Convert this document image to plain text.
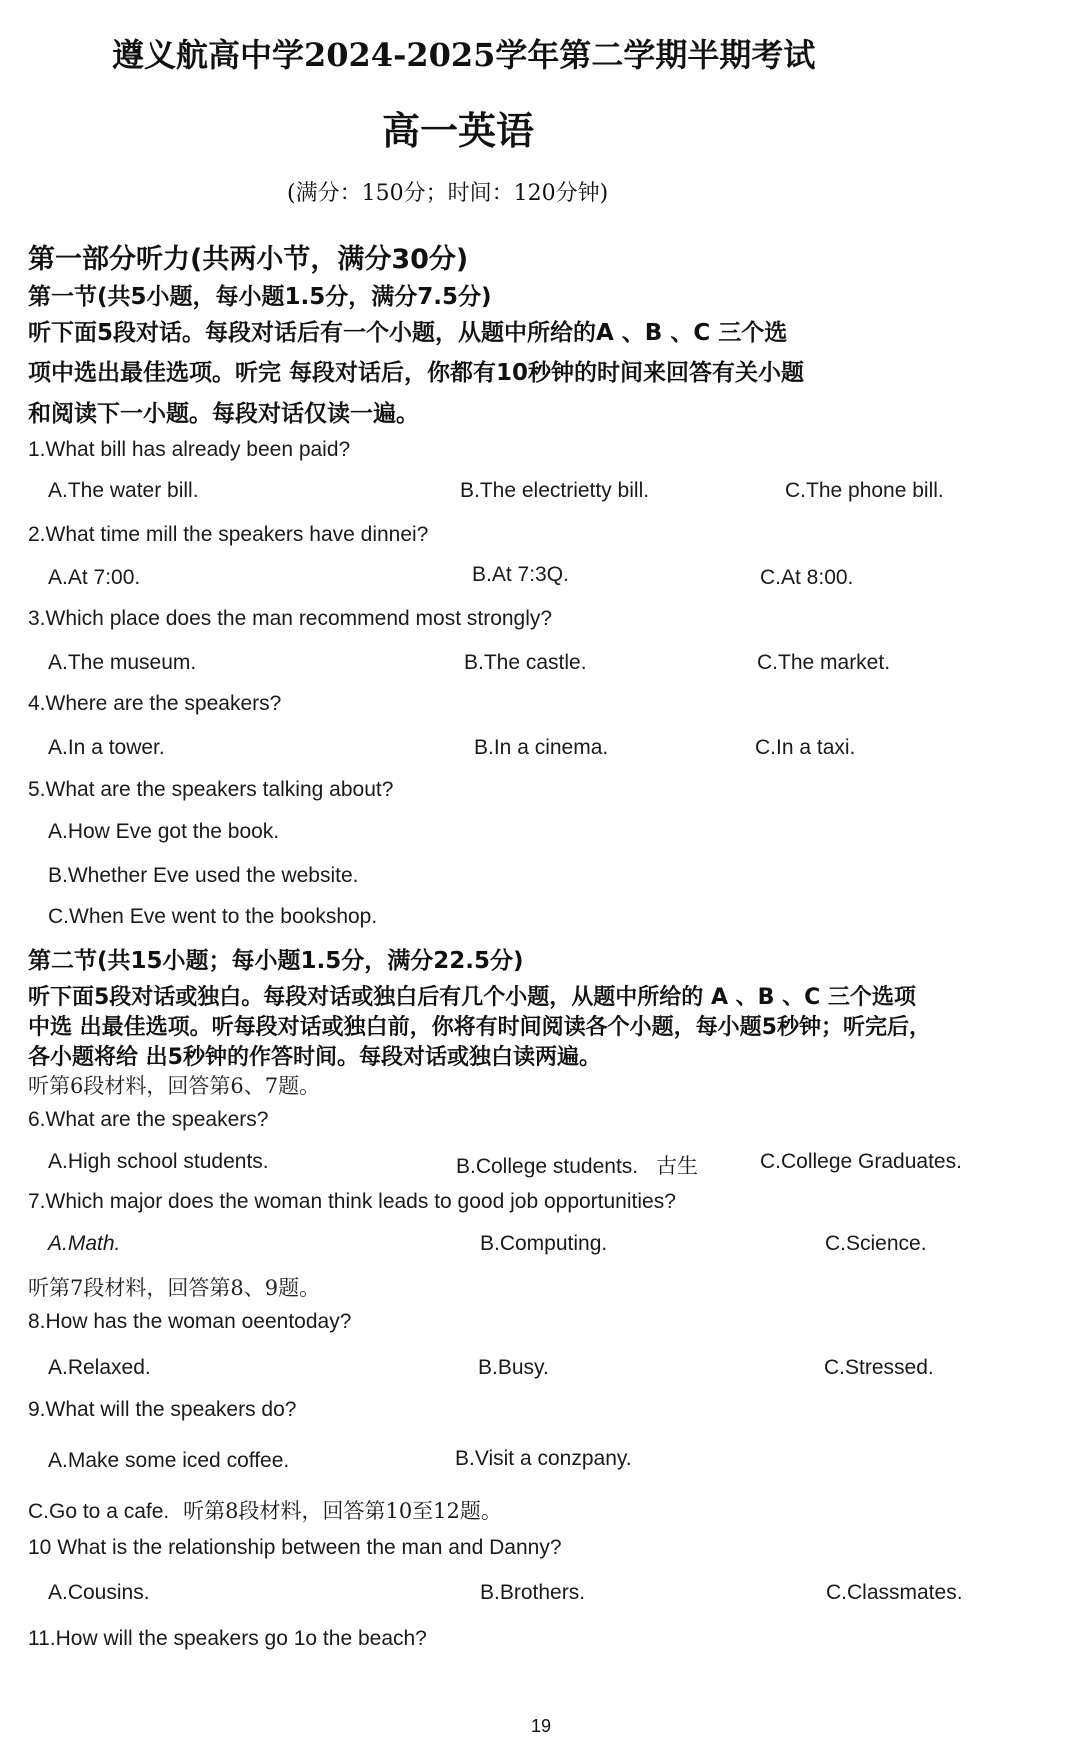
遵义航高中学2024-2025学年第二学期半期考试
高一英语
(满分：150分；时间：120分钟)
第一部分听力(共两小节，满分30分)
第一节(共5小题，每小题1.5分，满分7.5分)
听下面5段对话。每段对话后有一个小题，从题中所给的A 、B 、C 三个选
项中选出最佳选项。听完 每段对话后，你都有10秒钟的时间来回答有关小题
和阅读下一小题。每段对话仅读一遍。
1.What bill has already been paid?
A.The water bill.	B.The electrietty bill.	C.The phone bill.
2.What time mill the speakers have dinnei?
A.At 7:00.	B.At 7:3Q.	C.At 8:00.
3.Which place does the man recommend most strongly?
A.The museum.	B.The castle.	C.The market.
4.Where are the speakers?
A.In a tower.	B.In a cinema.	C.In a taxi.
5.What are the speakers talking about?
A.How Eve got the book.
B.Whether Eve used the website.
C.When Eve went to the bookshop.
第二节(共15小题；每小题1.5分，满分22.5分)
听下面5段对话或独白。每段对话或独白后有几个小题，从题中所给的 A 、B 、C 三个选项
中选 出最佳选项。听每段对话或独白前，你将有时间阅读各个小题，每小题5秒钟；听完后，
各小题将给 出5秒钟的作答时间。每段对话或独白读两遍。
听第6段材料，回答第6、7题。
6.What are the speakers?
A.High school students.	B.College students. 古生	C.College Graduates.
7.Which major does the woman think leads to good job opportunities?
A.Math.	B.Computing.	C.Science.
听第7段材料，回答第8、9题。
8.How has the woman oeentoday?
A.Relaxed.	B.Busy.	C.Stressed.
9.What will the speakers do?
A.Make some iced coffee.	B.Visit a conzpany.
C.Go to a cafe. 听第8段材料，回答第10至12题。
10 What is the relationship between the man and Danny?
A.Cousins.	B.Brothers.	C.Classmates.
11.How will the speakers go 1o the beach?
19
